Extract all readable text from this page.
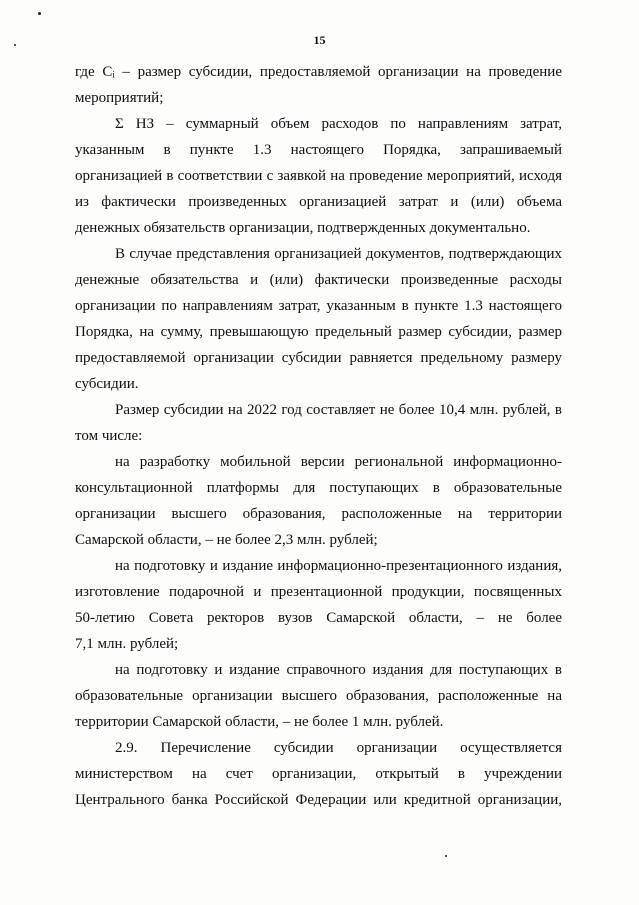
15
где Cᵢ – размер субсидии, предоставляемой организации на проведение
мероприятий;
Σ НЗ – суммарный объем расходов по направлениям затрат,
указанным в пункте 1.3 настоящего Порядка, запрашиваемый
организацией в соответствии с заявкой на проведение мероприятий, исходя
из фактически произведенных организацией затрат и (или) объема
денежных обязательств организации, подтвержденных документально.
В случае представления организацией документов, подтверждающих
денежные обязательства и (или) фактически произведенные расходы
организации по направлениям затрат, указанным в пункте 1.3 настоящего
Порядка, на сумму, превышающую предельный размер субсидии, размер
предоставляемой организации субсидии равняется предельному размеру
субсидии.
Размер субсидии на 2022 год составляет не более 10,4 млн. рублей, в
том числе:
на разработку мобильной версии региональной информационно-
консультационной платформы для поступающих в образовательные
организации высшего образования, расположенные на территории
Самарской области, – не более 2,3 млн. рублей;
на подготовку и издание информационно-презентационного издания,
изготовление подарочной и презентационной продукции, посвященных
50-летию Совета ректоров вузов Самарской области, – не более
7,1 млн. рублей;
на подготовку и издание справочного издания для поступающих в
образовательные организации высшего образования, расположенные на
территории Самарской области, – не более 1 млн. рублей.
2.9. Перечисление субсидии организации осуществляется
министерством на счет организации, открытый в учреждении
Центрального банка Российской Федерации или кредитной организации,
